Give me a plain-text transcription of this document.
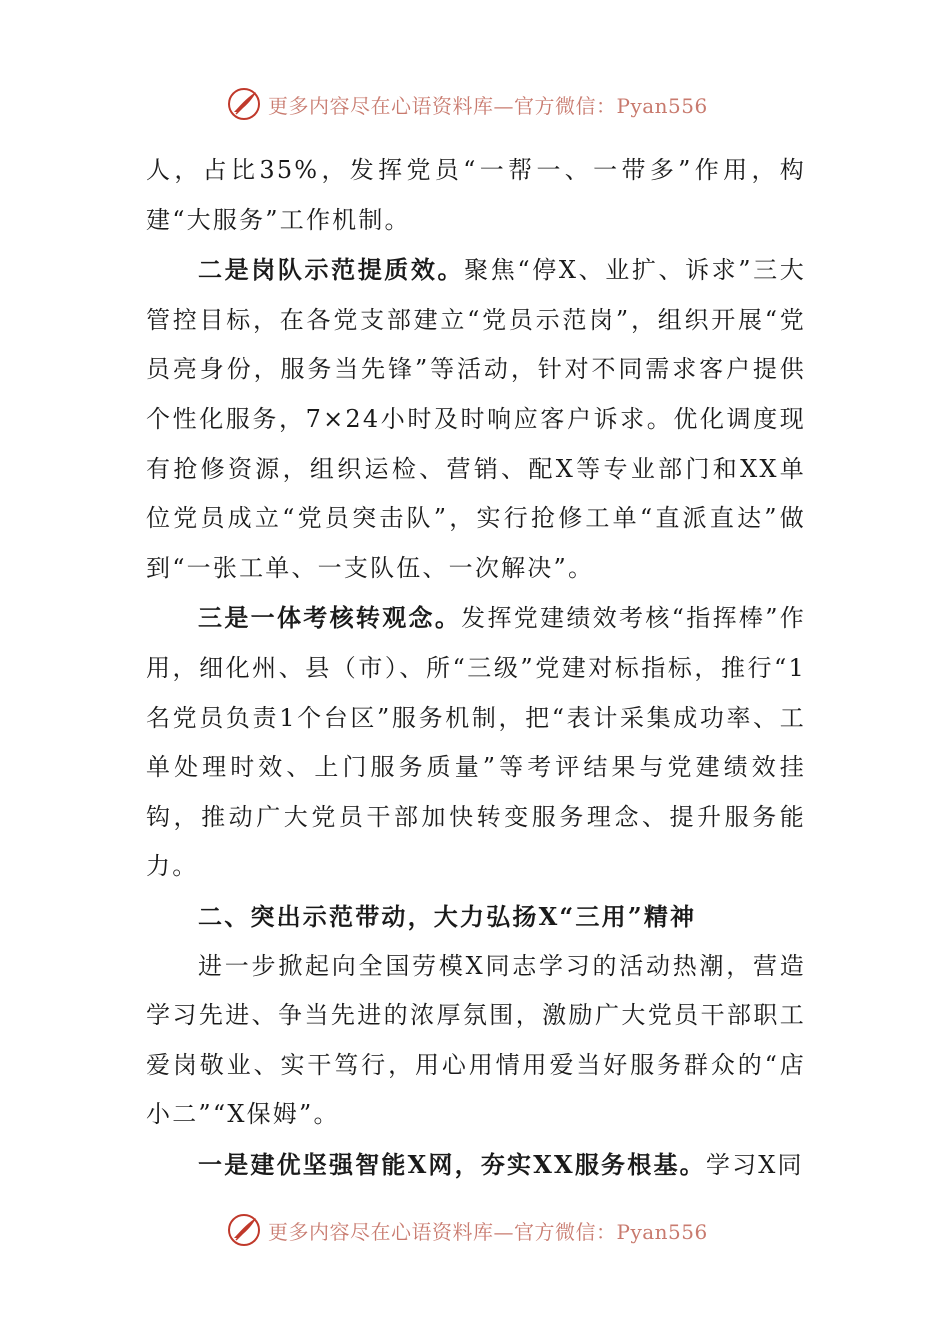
更多内容尽在心语资料库—官方微信：Pyan556

人，占比35%，发挥党员“一帮一、一带多”作用，构建“大服务”工作机制。

二是岗队示范提质效。聚焦“停X、业扩、诉求”三大管控目标，在各党支部建立“党员示范岗”，组织开展“党员亮身份，服务当先锋”等活动，针对不同需求客户提供个性化服务，7×24小时及时响应客户诉求。优化调度现有抢修资源，组织运检、营销、配X等专业部门和XX单位党员成立“党员突击队”，实行抢修工单“直派直达”做到“一张工单、一支队伍、一次解决”。

三是一体考核转观念。发挥党建绩效考核“指挥棒”作用，细化州、县（市）、所“三级”党建对标指标，推行“1名党员负责1个台区”服务机制，把“表计采集成功率、工单处理时效、上门服务质量”等考评结果与党建绩效挂钩，推动广大党员干部加快转变服务理念、提升服务能力。

二、突出示范带动，大力弘扬X“三用”精神

进一步掀起向全国劳模X同志学习的活动热潮，营造学习先进、争当先进的浓厚氛围，激励广大党员干部职工爱岗敬业、实干笃行，用心用情用爱当好服务群众的“店小二”“X保姆”。

一是建优坚强智能X网，夯实XX服务根基。学习X同

更多内容尽在心语资料库—官方微信：Pyan556
